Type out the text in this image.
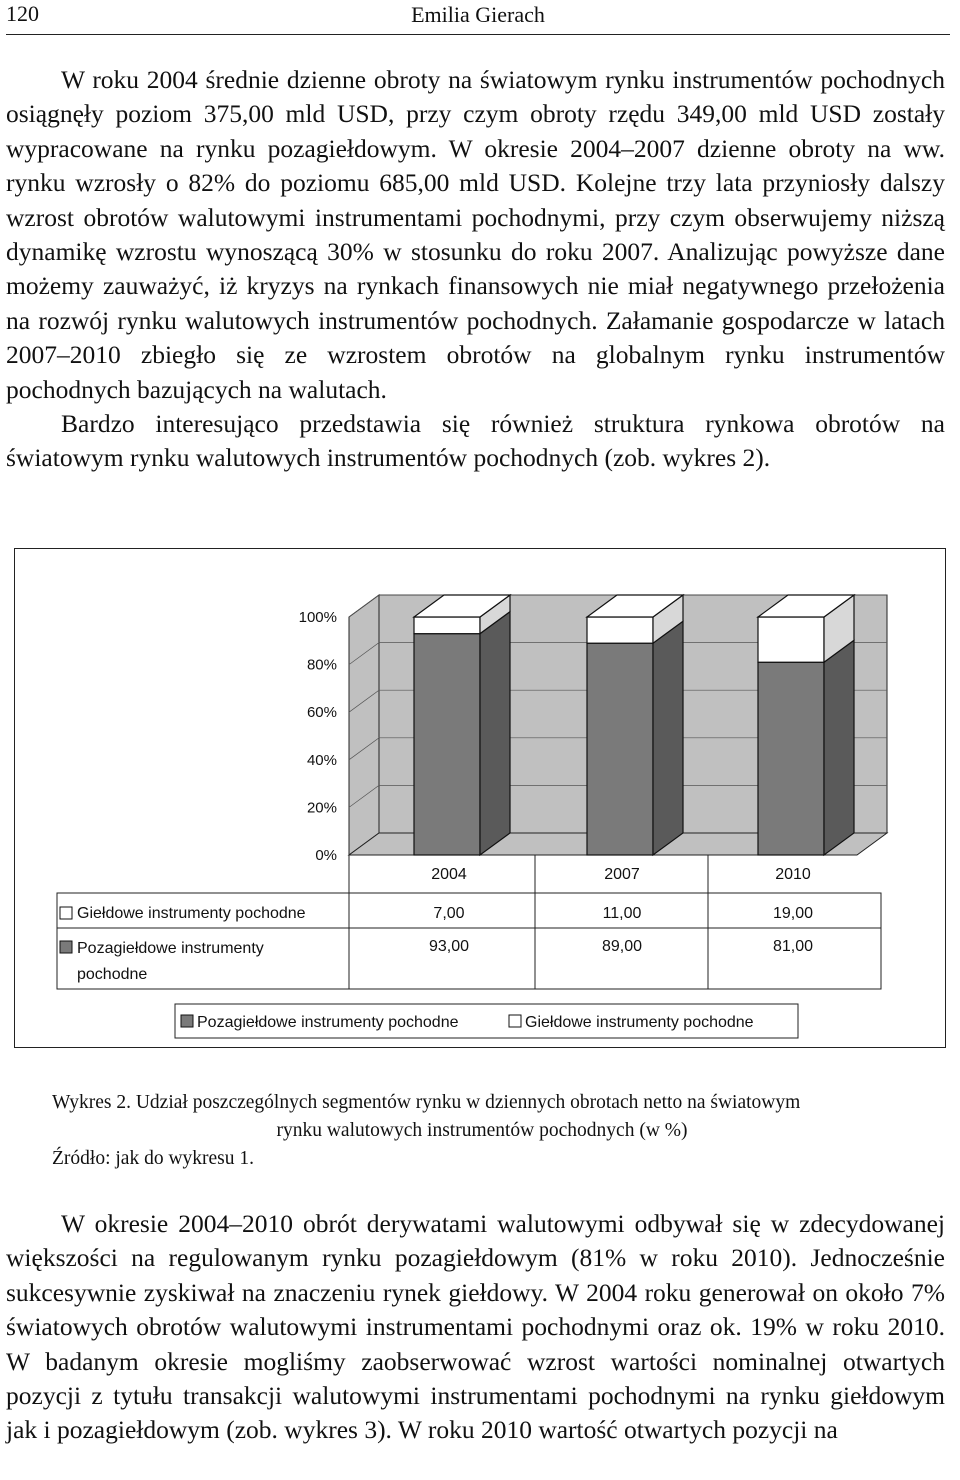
120	Emilia Gierach

W roku 2004 średnie dzienne obroty na światowym rynku instrumentów pochodnych osiągnęły poziom 375,00 mld USD, przy czym obroty rzędu 349,00 mld USD zostały wypracowane na rynku pozagiełdowym. W okresie 2004–2007 dzienne obroty na ww. rynku wzrosły o 82% do poziomu 685,00 mld USD. Kolejne trzy lata przyniosły dalszy wzrost obrotów walutowymi instrumentami pochodnymi, przy czym obserwujemy niższą dynamikę wzrostu wynoszącą 30% w stosunku do roku 2007. Analizując powyższe dane możemy zauważyć, iż kryzys na rynkach finansowych nie miał negatywnego przełożenia na rozwój rynku walutowych instrumentów pochodnych. Załamanie gospodarcze w latach 2007–2010 zbiegło się ze wzrostem obrotów na globalnym rynku instrumentów pochodnych bazujących na walutach.

Bardzo interesująco przedstawia się również struktura rynkowa obrotów na światowym rynku walutowych instrumentów pochodnych (zob. wykres 2).

0%
20%
40%
60%
80%
100%
2004	2007	2010
Giełdowe instrumenty pochodne	7,00	11,00	19,00
Pozagiełdowe instrumenty
pochodne
93,00	89,00	81,00
Pozagiełdowe instrumenty pochodne	Giełdowe instrumenty pochodne
Wykres 2. Udział poszczególnych segmentów rynku w dziennych obrotach netto na światowym
rynku walutowych instrumentów pochodnych (w %)
Źródło: jak do wykresu 1.

W okresie 2004–2010 obrót derywatami walutowymi odbywał się w zdecydowanej większości na regulowanym rynku pozagiełdowym (81% w roku 2010). Jednocześnie sukcesywnie zyskiwał na znaczeniu rynek giełdowy. W 2004 roku generował on około 7% światowych obrotów walutowymi instrumentami pochodnymi oraz ok. 19% w roku 2010. W badanym okresie mogliśmy zaobserwować wzrost wartości nominalnej otwartych pozycji z tytułu transakcji walutowymi instrumentami pochodnymi na rynku giełdowym jak i pozagiełdowym (zob. wykres 3). W roku 2010 wartość otwartych pozycji na
